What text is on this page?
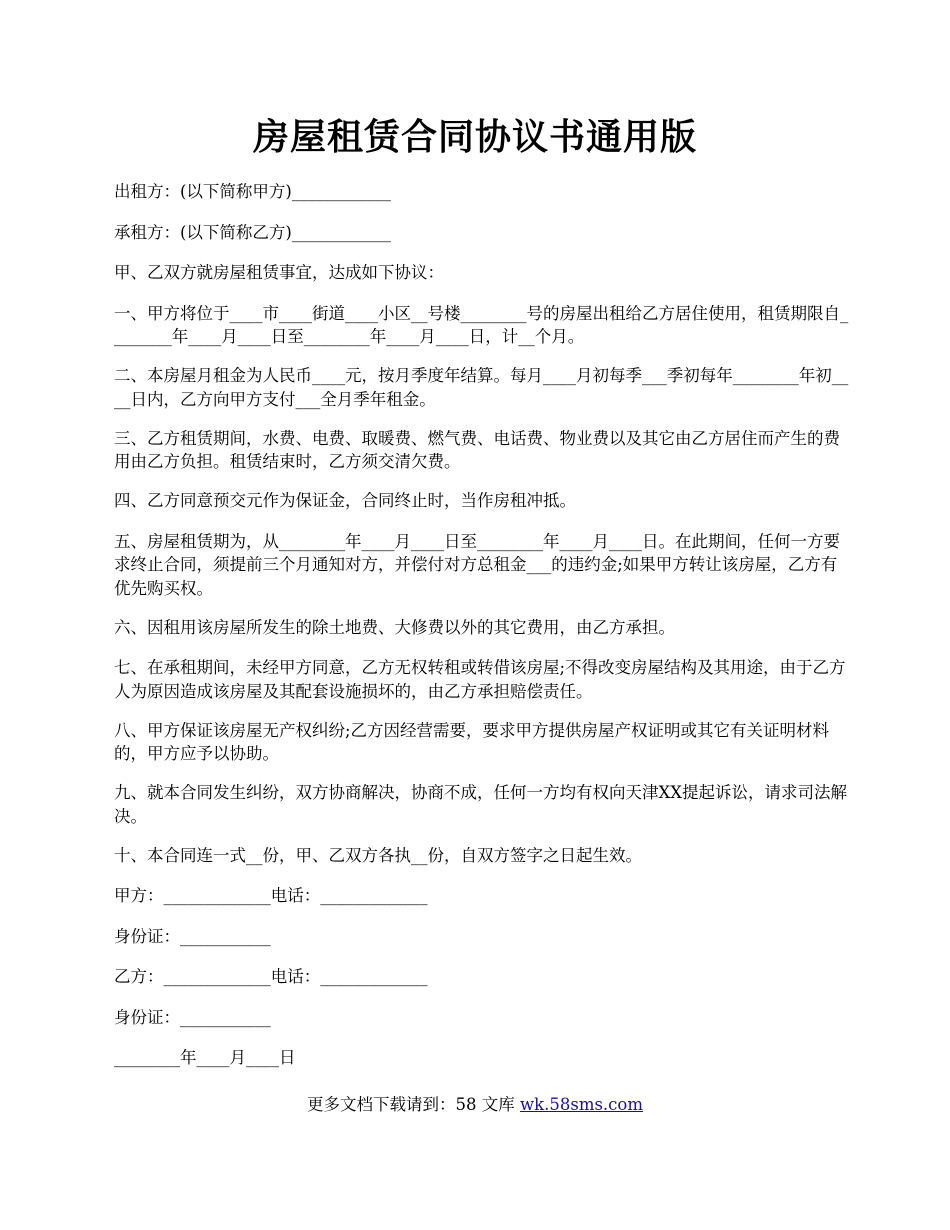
房屋租赁合同协议书通用版

出租方：(以下简称甲方)____________

承租方：(以下简称乙方)____________

甲、乙双方就房屋租赁事宜，达成如下协议：

一、甲方将位于____市____街道____小区__号楼________号的房屋出租给乙方居住使用，租赁期限自________年____月____日至________年____月____日，计__个月。

二、本房屋月租金为人民币____元，按月季度年结算。每月____月初每季___季初每年________年初____日内，乙方向甲方支付___全月季年租金。

三、乙方租赁期间，水费、电费、取暖费、燃气费、电话费、物业费以及其它由乙方居住而产生的费用由乙方负担。租赁结束时，乙方须交清欠费。

四、乙方同意预交元作为保证金，合同终止时，当作房租冲抵。

五、房屋租赁期为，从________年____月____日至________年____月____日。在此期间，任何一方要求终止合同，须提前三个月通知对方，并偿付对方总租金___的违约金;如果甲方转让该房屋，乙方有优先购买权。

六、因租用该房屋所发生的除土地费、大修费以外的其它费用，由乙方承担。

七、在承租期间，未经甲方同意，乙方无权转租或转借该房屋;不得改变房屋结构及其用途，由于乙方人为原因造成该房屋及其配套设施损坏的，由乙方承担赔偿责任。

八、甲方保证该房屋无产权纠纷;乙方因经营需要，要求甲方提供房屋产权证明或其它有关证明材料的，甲方应予以协助。

九、就本合同发生纠纷，双方协商解决，协商不成，任何一方均有权向天津XX提起诉讼，请求司法解决。

十、本合同连一式__份，甲、乙双方各执__份，自双方签字之日起生效。

甲方：_____________电话：_____________

身份证：___________

乙方：_____________电话：_____________

身份证：___________

________年____月____日

更多文档下载请到：58 文库 wk.58sms.com
